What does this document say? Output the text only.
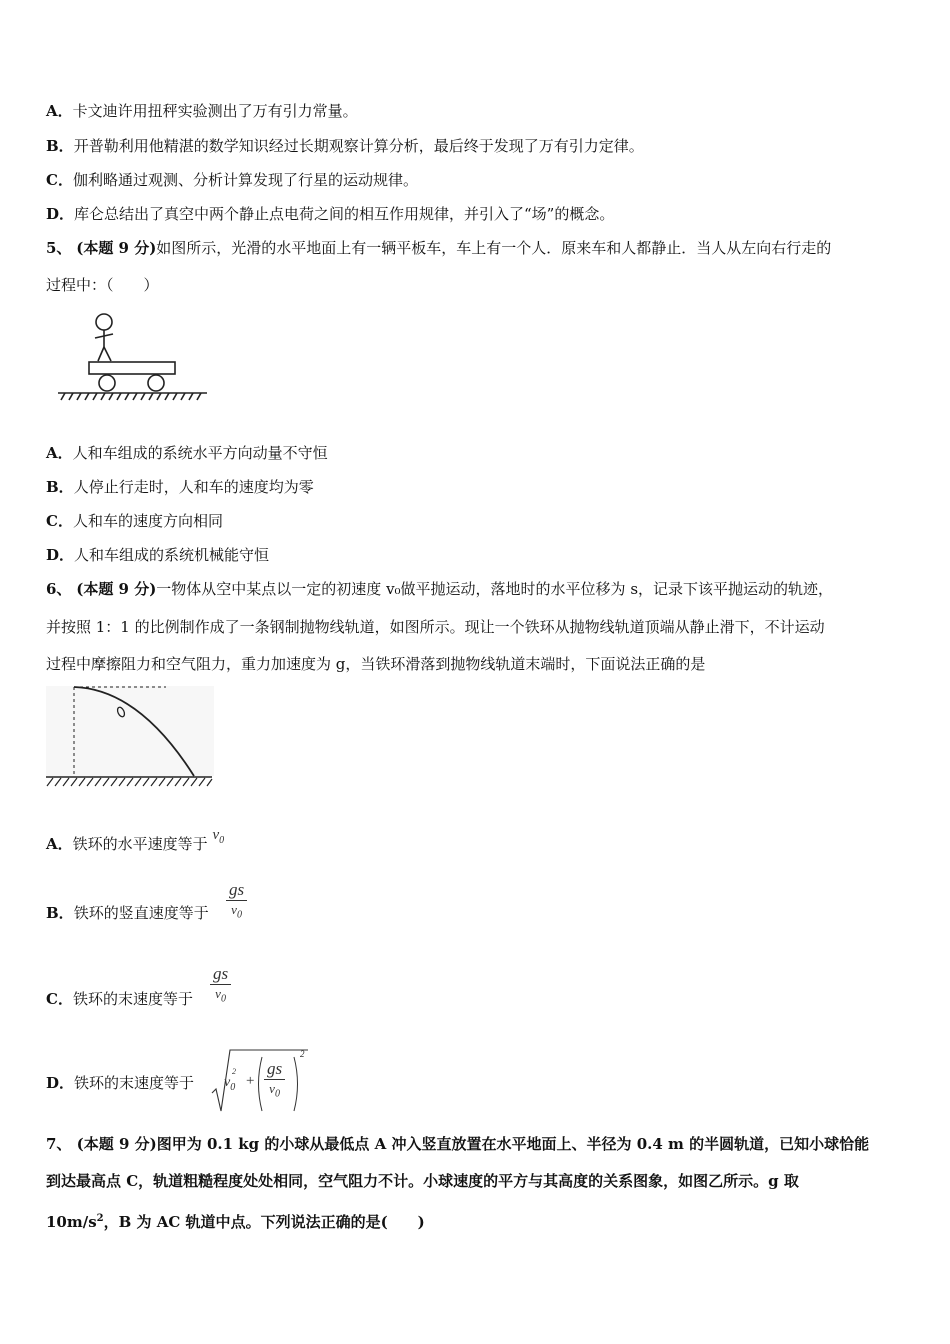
A．卡文迪许用扭秤实验测出了万有引力常量。
B．开普勒利用他精湛的数学知识经过长期观察计算分析，最后终于发现了万有引力定律。
C．伽利略通过观测、分析计算发现了行星的运动规律。
D．库仑总结出了真空中两个静止点电荷之间的相互作用规律，并引入了“场”的概念。
5、 (本题 9 分)如图所示，光滑的水平地面上有一辆平板车，车上有一个人．原来车和人都静止．当人从左向右行走的
过程中：（　　）
A．人和车组成的系统水平方向动量不守恒
B．人停止行走时，人和车的速度均为零
C．人和车的速度方向相同
D．人和车组成的系统机械能守恒
6、 (本题 9 分)一物体从空中某点以一定的初速度 v₀做平抛运动，落地时的水平位移为 s，记录下该平抛运动的轨迹，
并按照 1：1 的比例制作成了一条钢制抛物线轨道，如图所示。现让一个铁环从抛物线轨道顶端从静止滑下，不计运动
过程中摩擦阻力和空气阻力，重力加速度为 g，当铁环滑落到抛物线轨道末端时，下面说法正确的是
A．铁环的水平速度等于 $v_0$
B．铁环的竖直速度等于
gs
$v_0$
C．铁环的末速度等于
gs
$v_0$
D．铁环的末速度等于 $v_0$
2
+
gs
$v_0$
2
7、 (本题 9 分)图甲为 0.1 kg 的小球从最低点 A 冲入竖直放置在水平地面上、半径为 0.4 m 的半圆轨道，已知小球恰能
到达最高点 C，轨道粗糙程度处处相同，空气阻力不计。小球速度的平方与其高度的关系图象，如图乙所示。g 取
$10m/s^2$，B 为 AC 轨道中点。下列说法正确的是(　　)
